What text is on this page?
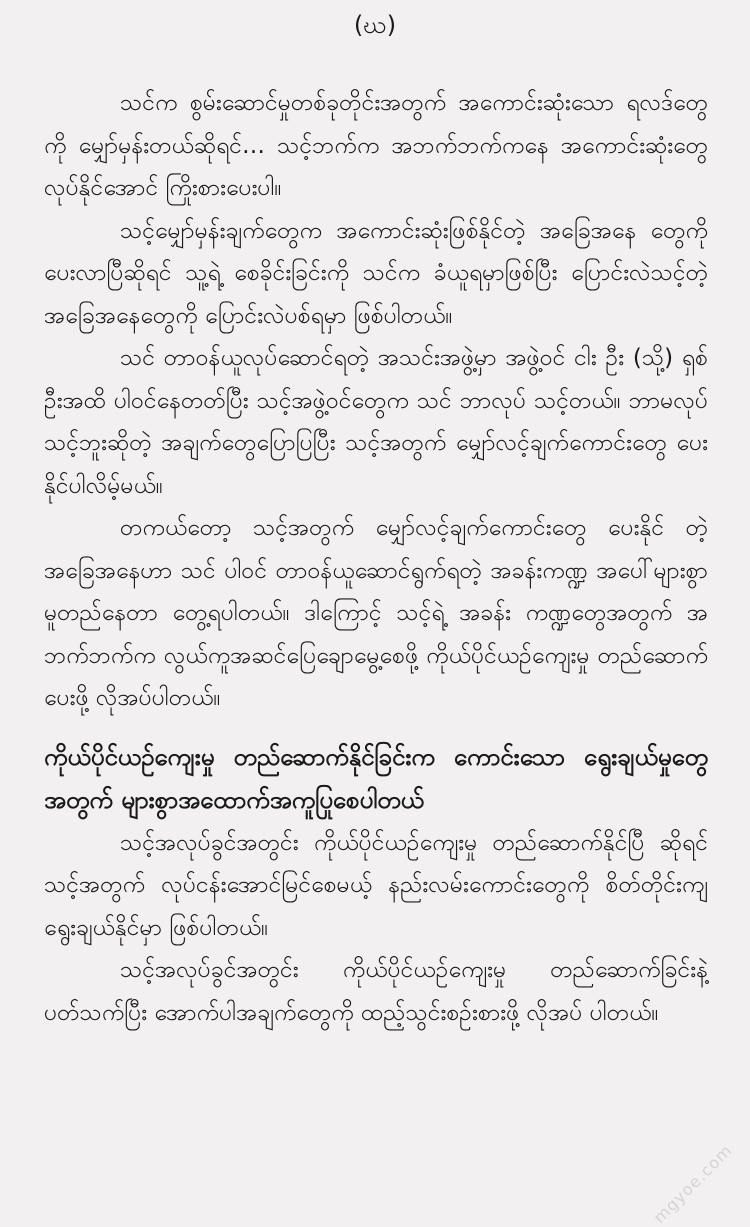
(ဃ)

သင်က စွမ်းဆောင်မှုတစ်ခုတိုင်းအတွက် အကောင်းဆုံးသော ရလဒ်တွေကို မျှော်မှန်းတယ်ဆိုရင်… သင့်ဘက်က အဘက်ဘက်ကနေ အကောင်းဆုံးတွေ လုပ်နိုင်အောင် ကြိုးစားပေးပါ။

သင့်မျှော်မှန်းချက်တွေက အကောင်းဆုံးဖြစ်နိုင်တဲ့ အခြေအနေ တွေကို ပေးလာပြီဆိုရင် သူ့ရဲ့ စေခိုင်းခြင်းကို သင်က ခံယူရမှာဖြစ်ပြီး ပြောင်းလဲသင့်တဲ့ အခြေအနေတွေကို ပြောင်းလဲပစ်ရမှာ ဖြစ်ပါတယ်။

သင် တာဝန်ယူလုပ်ဆောင်ရတဲ့ အသင်းအဖွဲ့မှာ အဖွဲ့ဝင် ငါး ဦး (သို့) ရှစ်ဦးအထိ ပါဝင်နေတတ်ပြီး သင့်အဖွဲ့ဝင်တွေက သင် ဘာလုပ် သင့်တယ်။ ဘာမလုပ်သင့်ဘူးဆိုတဲ့ အချက်တွေပြောပြပြီး သင့်အတွက် မျှော်လင့်ချက်ကောင်းတွေ ပေးနိုင်ပါလိမ့်မယ်။

တကယ်တော့ သင့်အတွက် မျှော်လင့်ချက်ကောင်းတွေ ပေးနိုင် တဲ့ အခြေအနေဟာ သင် ပါဝင် တာဝန်ယူဆောင်ရွက်ရတဲ့ အခန်းကဏ္ဍ အပေါ်များစွာ မူတည်နေတာ တွေ့ရပါတယ်။ ဒါကြောင့် သင့်ရဲ့ အခန်း ကဏ္ဍတွေအတွက် အဘက်ဘက်က လွယ်ကူအဆင်ပြေချောမွေ့စေဖို့ ကိုယ်ပိုင်ယဉ်ကျေးမှု တည်ဆောက်ပေးဖို့ လိုအပ်ပါတယ်။

ကိုယ်ပိုင်ယဉ်ကျေးမှု တည်ဆောက်နိုင်ခြင်းက ကောင်းသော ရွေးချယ်မှုတွေအတွက် များစွာအထောက်အကူပြုစေပါတယ်

သင့်အလုပ်ခွင်အတွင်း ကိုယ်ပိုင်ယဉ်ကျေးမှု တည်ဆောက်နိုင်ပြီ ဆိုရင် သင့်အတွက် လုပ်ငန်းအောင်မြင်စေမယ့် နည်းလမ်းကောင်းတွေကို စိတ်တိုင်းကျ ရွေးချယ်နိုင်မှာ ဖြစ်ပါတယ်။

သင့်အလုပ်ခွင်အတွင်း ကိုယ်ပိုင်ယဉ်ကျေးမှု တည်ဆောက်ခြင်းနဲ့ ပတ်သက်ပြီး အောက်ပါအချက်တွေကို ထည့်သွင်းစဉ်းစားဖို့ လိုအပ် ပါတယ်။

mgyoe.com
